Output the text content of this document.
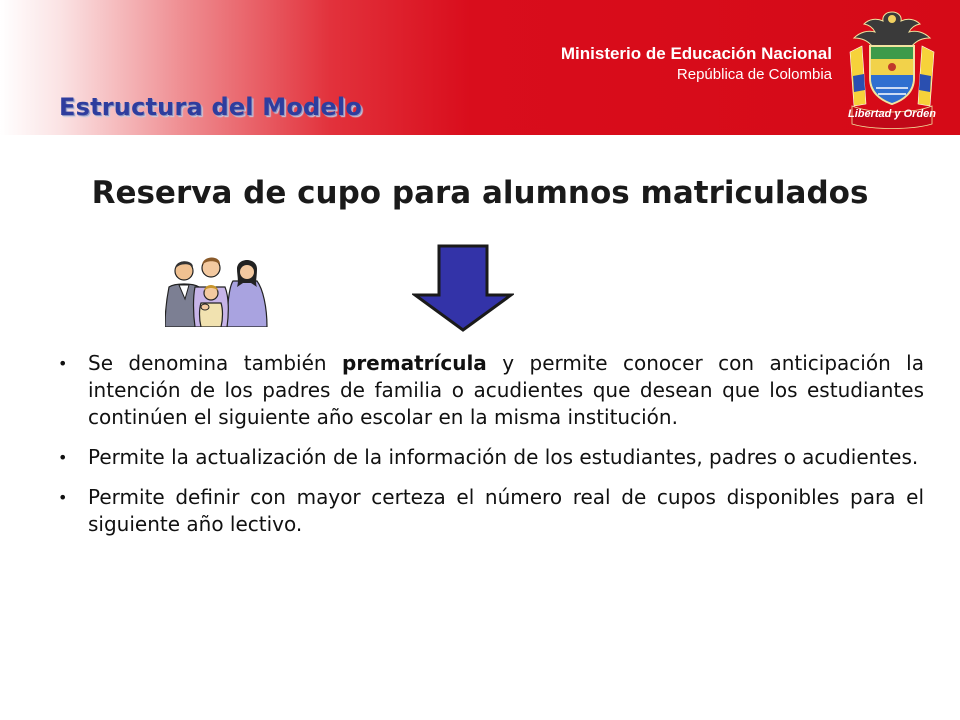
Ministerio de Educación Nacional
República de Colombia
Estructura del Modelo	Libertad y Orden
Reserva de cupo para alumnos matriculados
• Se denomina también prematrícula y permite conocer con anticipación la intención de los padres de familia o acudientes que desean que los estudiantes continúen el siguiente año escolar en la misma institución.
• Permite la actualización de la información de los estudiantes, padres o acudientes.
• Permite definir con mayor certeza el número real de cupos disponibles para el siguiente año lectivo.
